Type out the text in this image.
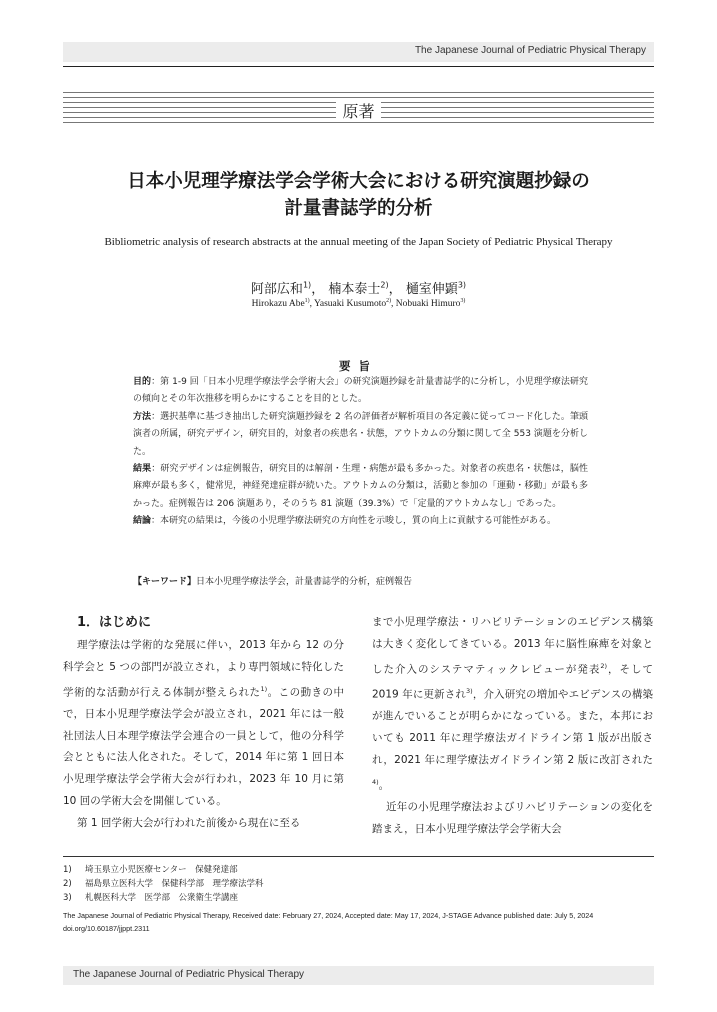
The Japanese Journal of Pediatric Physical Therapy
原著
日本小児理学療法学会学術大会における研究演題抄録の
計量書誌学的分析
Bibliometric analysis of research abstracts at the annual meeting of the Japan Society of Pediatric Physical Therapy
阿部広和$^{1)}$， 楠本泰士$^{2)}$， 樋室伸顕$^{3)}$
Hirokazu Abe$^{1)}$, Yasuaki Kusumoto$^{2)}$, Nobuaki Himuro$^{3)}$
要旨
目的：第 1-9 回「日本小児理学療法学会学術大会」の研究演題抄録を計量書誌学的に分析し，小児理学療法研究の傾向とその年次推移を明らかにすることを目的とした。
方法：選択基準に基づき抽出した研究演題抄録を 2 名の評価者が解析項目の各定義に従ってコード化した。筆頭演者の所属，研究デザイン，研究目的，対象者の疾患名・状態，アウトカムの分類に関して全 553 演題を分析した。
結果：研究デザインは症例報告，研究目的は解剖・生理・病態が最も多かった。対象者の疾患名・状態は，脳性麻痺が最も多く，健常児，神経発達症群が続いた。アウトカムの分類は，活動と参加の「運動・移動」が最も多かった。症例報告は 206 演題あり，そのうち 81 演題（39.3%）で「定量的アウトカムなし」であった。
結論：本研究の結果は，今後の小児理学療法研究の方向性を示唆し，質の向上に貢献する可能性がある。
【キーワード】日本小児理学療法学会，計量書誌学的分析，症例報告

1．はじめに

理学療法は学術的な発展に伴い，2013 年から 12 の分科学会と 5 つの部門が設立され，より専門領域に特化した学術的な活動が行える体制が整えられた$^{1)}$。この動きの中で，日本小児理学療法学会が設立され，2021 年には一般社団法人日本理学療法学会連合の一員として，他の分科学会とともに法人化された。そして，2014 年に第 1 回日本小児理学療法学会学術大会が行われ，2023 年 10 月に第 10 回の学術大会を開催している。

第 1 回学術大会が行われた前後から現在に至る

まで小児理学療法・リハビリテーションのエビデンス構築は大きく変化してきている。2013 年に脳性麻痺を対象とした介入のシステマティックレビューが発表$^{2)}$，そして 2019 年に更新され$^{3)}$，介入研究の増加やエビデンスの構築が進んでいることが明らかになっている。また，本邦においても 2011 年に理学療法ガイドライン第 1 版が出版され，2021 年に理学療法ガイドライン第 2 版に改訂された$^{4)}$。

近年の小児理学療法およびリハビリテーションの変化を踏まえ，日本小児理学療法学会学術大会

1) 埼玉県立小児医療センター　保健発達部
2) 福島県立医科大学　保健科学部　理学療法学科
3) 札幌医科大学　医学部　公衆衛生学講座
The Japanese Journal of Pediatric Physical Therapy, Received date: February 27, 2024, Accepted date: May 17, 2024, J-STAGE Advance published date: July 5, 2024
doi.org/10.60187/jjppt.2311
The Japanese Journal of Pediatric Physical Therapy
